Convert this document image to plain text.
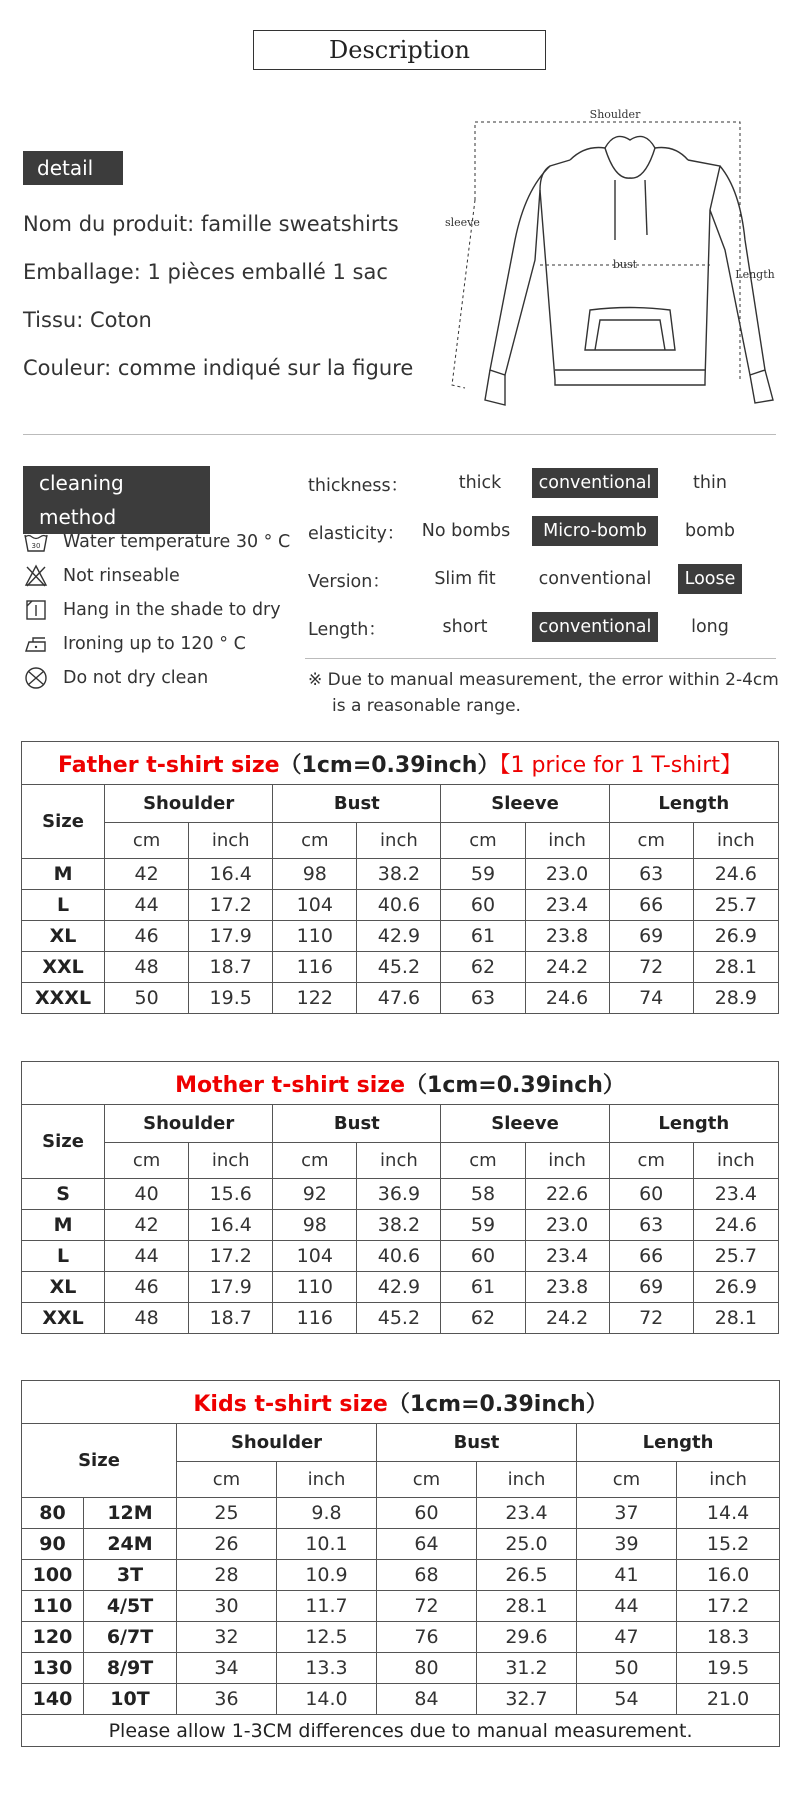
Description
detail
Nom du produit: famille sweatshirts
Emballage: 1 pièces emballé 1 sac
Tissu: Coton
Couleur: comme indiqué sur la figure
Shoulder
sleeve
bust
Length
cleaning method
30 Water temperature 30 ° C
Not rinseable
Hang in the shade to dry
Ironing up to 120 ° C
Do not dry clean
thickness：	thick	conventional	thin
elasticity： No bombs	Micro-bomb	bomb
Version：	Slim fit	conventional	Loose
Length：	short	conventional	long
※ Due to manual measurement, the error within 2-4cm
is a reasonable range.
Father t-shirt size（1cm=0.39inch）【1 price for 1 T-shirt】								
Size	Shoulder		Bust		Sleeve		Length	
	cm	inch	cm	inch	cm	inch	cm	inch
M	42	16.4	98	38.2	59	23.0	63	24.6
L	44	17.2	104	40.6	60	23.4	66	25.7
XL	46	17.9	110	42.9	61	23.8	69	26.9
XXL	48	18.7	116	45.2	62	24.2	72	28.1
XXXL	50	19.5	122	47.6	63	24.6	74	28.9
Mother t-shirt size（1cm=0.39inch）								
Size	Shoulder		Bust		Sleeve		Length	
	cm	inch	cm	inch	cm	inch	cm	inch
S	40	15.6	92	36.9	58	22.6	60	23.4
M	42	16.4	98	38.2	59	23.0	63	24.6
L	44	17.2	104	40.6	60	23.4	66	25.7
XL	46	17.9	110	42.9	61	23.8	69	26.9
XXL	48	18.7	116	45.2	62	24.2	72	28.1
Kids t-shirt size（1cm=0.39inch）							
Size		Shoulder		Bust		Length	
		cm	inch	cm	inch	cm	inch
80	12M	25	9.8	60	23.4	37	14.4
90	24M	26	10.1	64	25.0	39	15.2
100	3T	28	10.9	68	26.5	41	16.0
110	4/5T	30	11.7	72	28.1	44	17.2
120	6/7T	32	12.5	76	29.6	47	18.3
130	8/9T	34	13.3	80	31.2	50	19.5
140	10T	36	14.0	84	32.7	54	21.0
Please allow 1-3CM differences due to manual measurement.							
